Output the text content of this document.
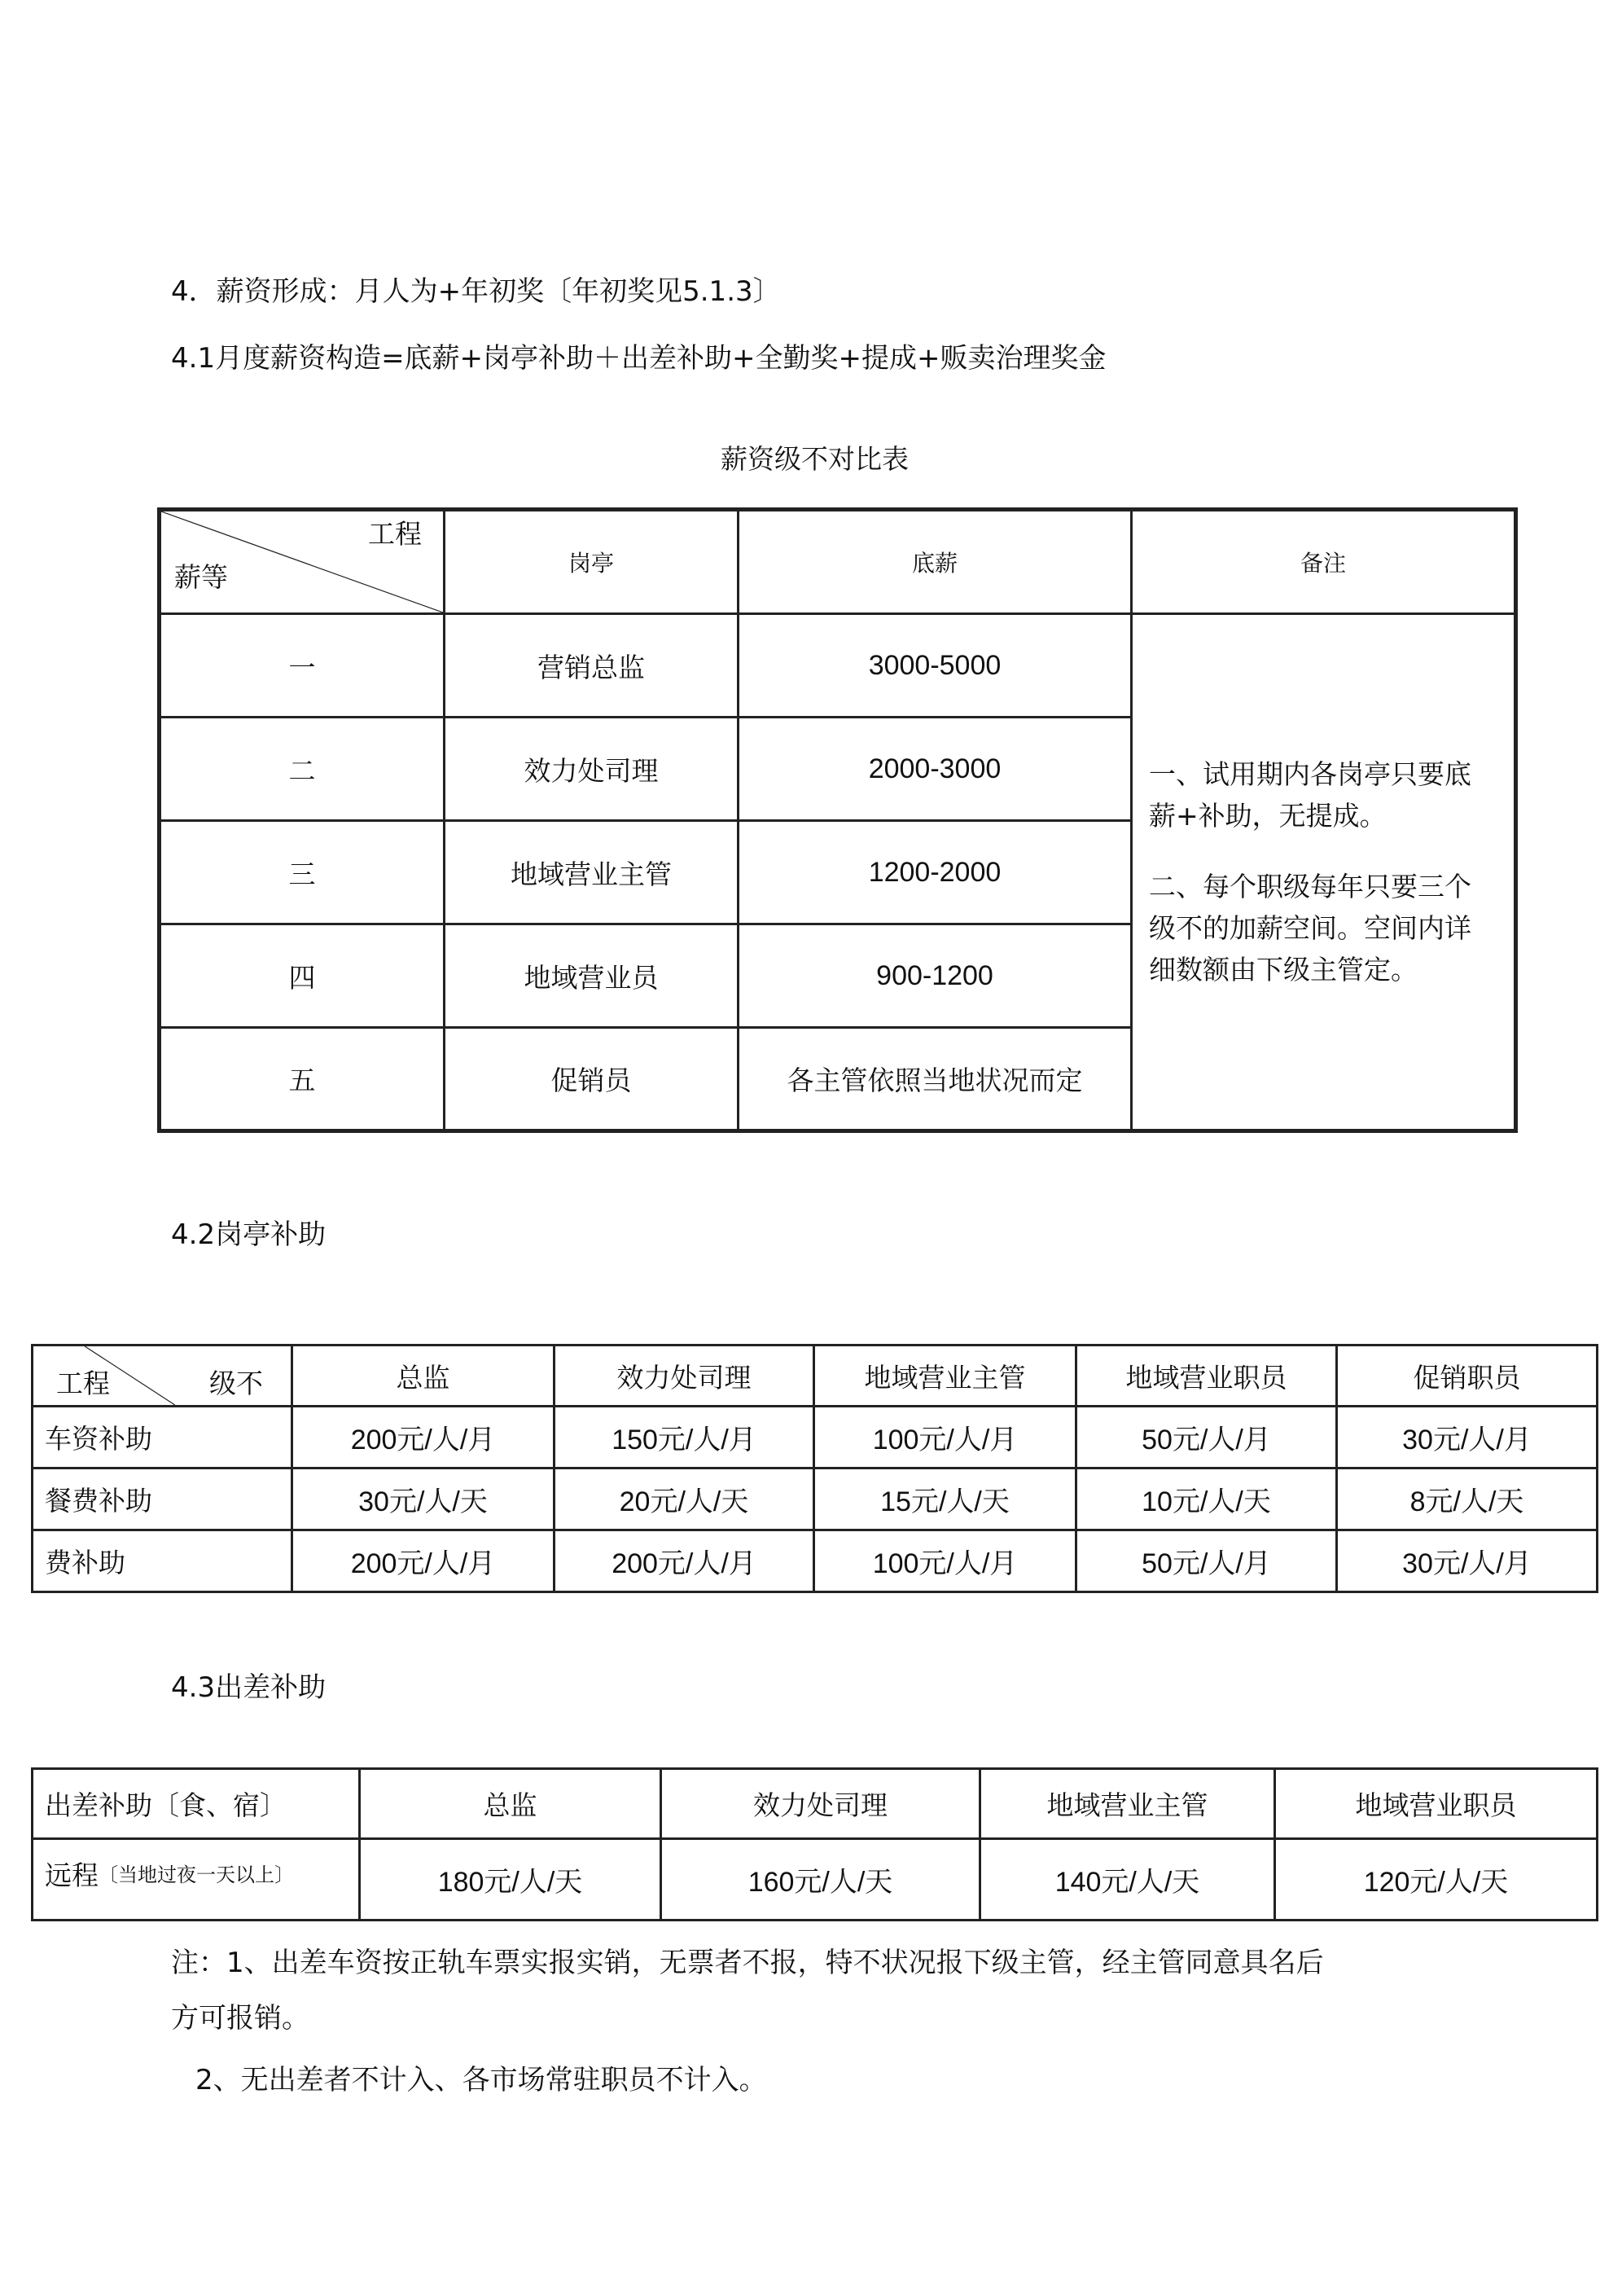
4．薪资形成：月人为+年初奖〔年初奖见5.1.3〕
4.1月度薪资构造=底薪+岗亭补助＋出差补助+全勤奖+提成+贩卖治理奖金
薪资级不对比表
工程
薪等	岗亭	底薪	备注
一	营销总监	3000-5000	一、试用期内各岗亭只要底薪+补助，无提成。

二、每个职级每年只要三个级不的加薪空间。空间内详细数额由下级主管定。

二	效力处司理	2000-3000	
三	地域营业主管	1200-2000	
四	地域营业员	900-1200	
五	促销员	各主管依照当地状况而定	
4.2岗亭补助
工程 级不	总监	效力处司理	地域营业主管	地域营业职员	促销职员
车资补助	200元/人/月	150元/人/月	100元/人/月	50元/人/月	30元/人/月
餐费补助	30元/人/天	20元/人/天	15元/人/天	10元/人/天	8元/人/天
费补助	200元/人/月	200元/人/月	100元/人/月	50元/人/月	30元/人/月
4.3出差补助
出差补助〔食、宿〕	总监	效力处司理	地域营业主管	地域营业职员
远程〔当地过夜一天以上〕	180元/人/天	160元/人/天	140元/人/天	120元/人/天
注：1、出差车资按正轨车票实报实销，无票者不报，特不状况报下级主管，经主管同意具名后
方可报销。
2、无出差者不计入、各市场常驻职员不计入。
